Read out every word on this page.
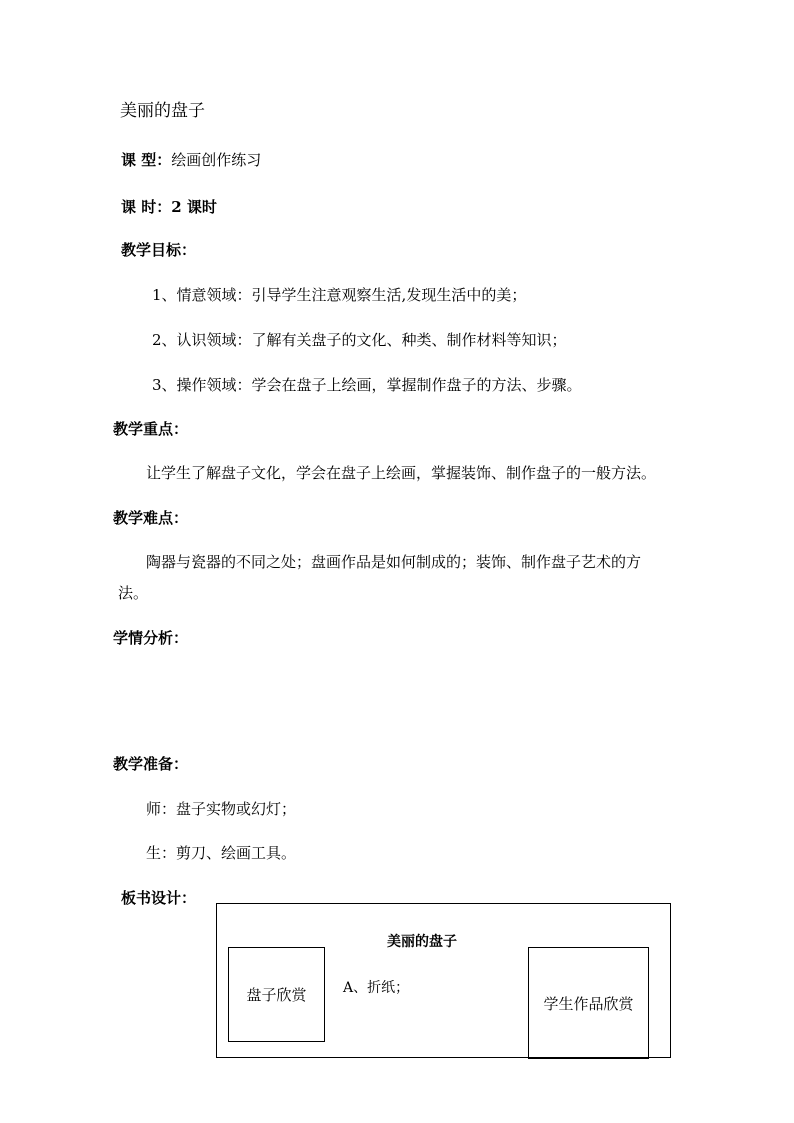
美丽的盘子
课 型：绘画创作练习
课 时：2 课时
教学目标：
1、情意领域：引导学生注意观察生活,发现生活中的美；
2、认识领域：了解有关盘子的文化、种类、制作材料等知识；
3、操作领域：学会在盘子上绘画，掌握制作盘子的方法、步骤。
教学重点：
让学生了解盘子文化，学会在盘子上绘画，掌握装饰、制作盘子的一般方法。
教学难点：
陶器与瓷器的不同之处；盘画作品是如何制成的；装饰、制作盘子艺术的方
法。
学情分析：
教学准备：
师：盘子实物或幻灯；
生：剪刀、绘画工具。
板书设计：
美丽的盘子
盘子欣赏	A、折纸；
学生作品欣赏
